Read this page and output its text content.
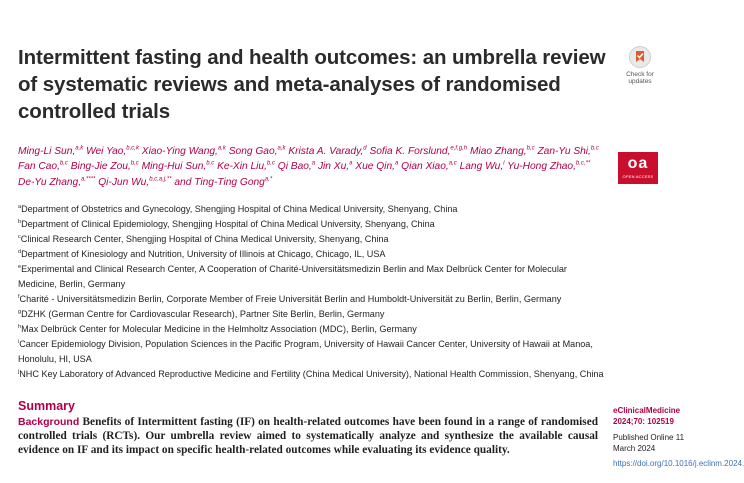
Intermittent fasting and health outcomes: an umbrella review of systematic reviews and meta-analyses of randomised controlled trials
Check for
updates
Ming-Li Sun,$^{a,k}$ Wei Yao,$^{b,c,k}$ Xiao-Ying Wang,$^{a,k}$ Song Gao,$^{a,k}$ Krista A. Varady,$^d$ Sofia K. Forslund,$^{e,f,g,h}$ Miao Zhang,$^{b,c}$ Zan-Yu Shi,$^{b,c}$ Fan Cao,$^{b,c}$ Bing-Jie Zou,$^{b,c}$ Ming-Hui Sun,$^{b,c}$ Ke-Xin Liu,$^{b,c}$ Qi Bao,$^a$ Jin Xu,$^a$ Xue Qin,$^a$ Qian Xiao,$^{a,c}$ Lang Wu,$^i$ Yu-Hong Zhao,$^{b,c,**}$ De-Yu Zhang,$^{a,****}$ Qi-Jun Wu,$^{b,c,a,j,**}$ and Ting-Ting Gong$^{a,*}$
oa
OPEN ACCESS

$^a$Department of Obstetrics and Gynecology, Shengjing Hospital of China Medical University, Shenyang, China

$^b$Department of Clinical Epidemiology, Shengjing Hospital of China Medical University, Shenyang, China

$^c$Clinical Research Center, Shengjing Hospital of China Medical University, Shenyang, China

$^d$Department of Kinesiology and Nutrition, University of Illinois at Chicago, Chicago, IL, USA

$^e$Experimental and Clinical Research Center, A Cooperation of Charité-Universitätsmedizin Berlin and Max Delbrück Center for Molecular Medicine, Berlin, Germany

$^f$Charité - Universitätsmedizin Berlin, Corporate Member of Freie Universität Berlin and Humboldt-Universität zu Berlin, Berlin, Germany

$^g$DZHK (German Centre for Cardiovascular Research), Partner Site Berlin, Berlin, Germany

$^h$Max Delbrück Center for Molecular Medicine in the Helmholtz Association (MDC), Berlin, Germany

$^i$Cancer Epidemiology Division, Population Sciences in the Pacific Program, University of Hawaii Cancer Center, University of Hawaii at Manoa, Honolulu, HI, USA

$^j$NHC Key Laboratory of Advanced Reproductive Medicine and Fertility (China Medical University), National Health Commission, Shenyang, China

Summary
Background Benefits of Intermittent fasting (IF) on health-related outcomes have been found in a range of randomised controlled trials (RCTs). Our umbrella review aimed to systematically analyze and synthesize the available causal evidence on IF and its impact on specific health-related outcomes while evaluating its evidence quality.
eClinicalMedicine
2024;70: 102519
Published Online 11 March 2024
https://doi.org/10.1016/j.eclinm.2024.
